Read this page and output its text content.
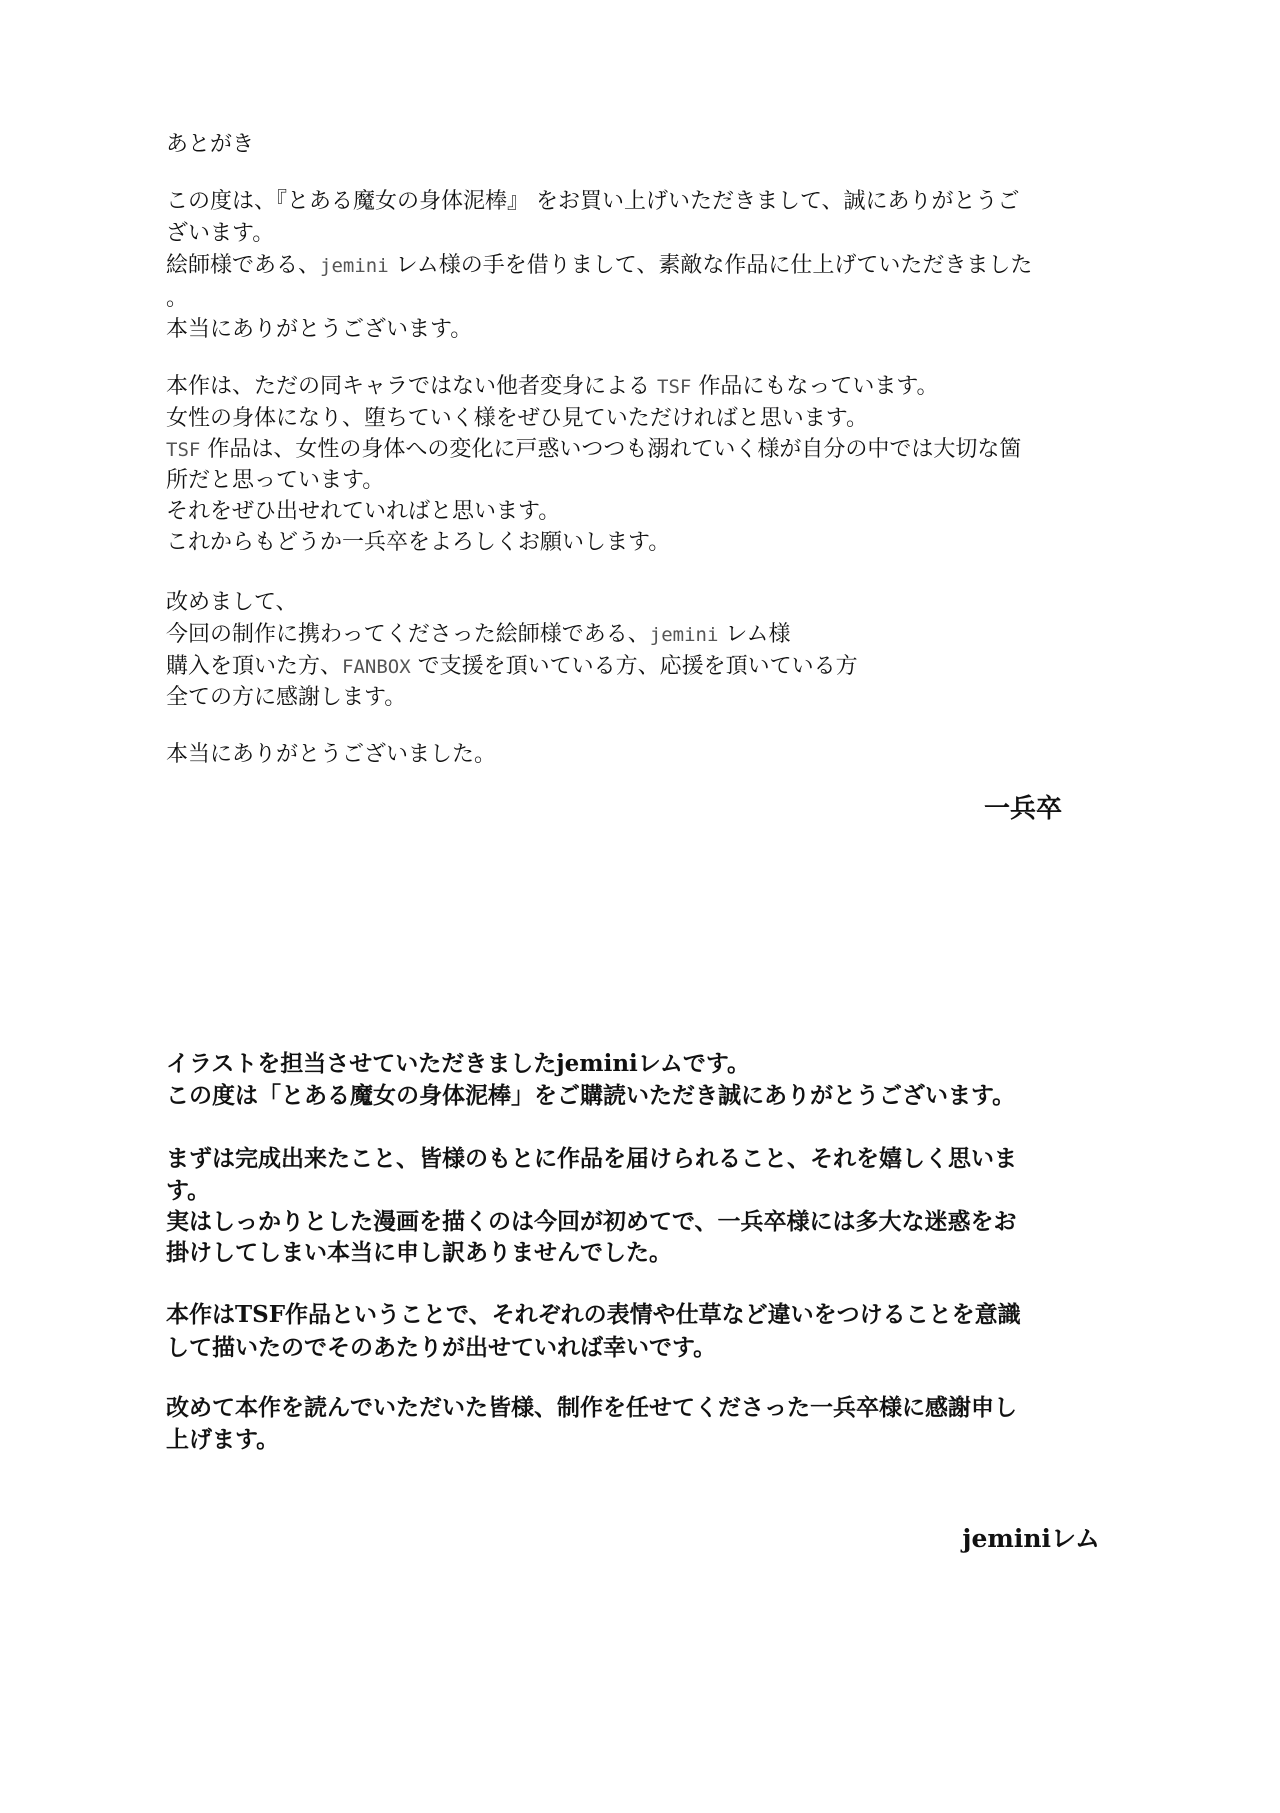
あとがき
この度は、『とある魔女の身体泥棒』 をお買い上げいただきまして、誠にありがとうご
ざいます。
絵師様である、jemini レム様の手を借りまして、素敵な作品に仕上げていただきました
。
本当にありがとうございます。
本作は、ただの同キャラではない他者変身による TSF 作品にもなっています。
女性の身体になり、堕ちていく様をぜひ見ていただければと思います。
TSF 作品は、女性の身体への変化に戸惑いつつも溺れていく様が自分の中では大切な箇
所だと思っています。
それをぜひ出せれていればと思います。
これからもどうか一兵卒をよろしくお願いします。
改めまして、
今回の制作に携わってくださった絵師様である、jemini レム様
購入を頂いた方、FANBOX で支援を頂いている方、応援を頂いている方
全ての方に感謝します。
本当にありがとうございました。
一兵卒
イラストを担当させていただきましたjeminiレムです。
この度は「とある魔女の身体泥棒」をご購読いただき誠にありがとうございます。
まずは完成出来たこと、皆様のもとに作品を届けられること、それを嬉しく思いま
す。
実はしっかりとした漫画を描くのは今回が初めてで、一兵卒様には多大な迷惑をお
掛けしてしまい本当に申し訳ありませんでした。
本作はTSF作品ということで、それぞれの表情や仕草など違いをつけることを意識
して描いたのでそのあたりが出せていれば幸いです。
改めて本作を読んでいただいた皆様、制作を任せてくださった一兵卒様に感謝申し
上げます。
jeminiレム
